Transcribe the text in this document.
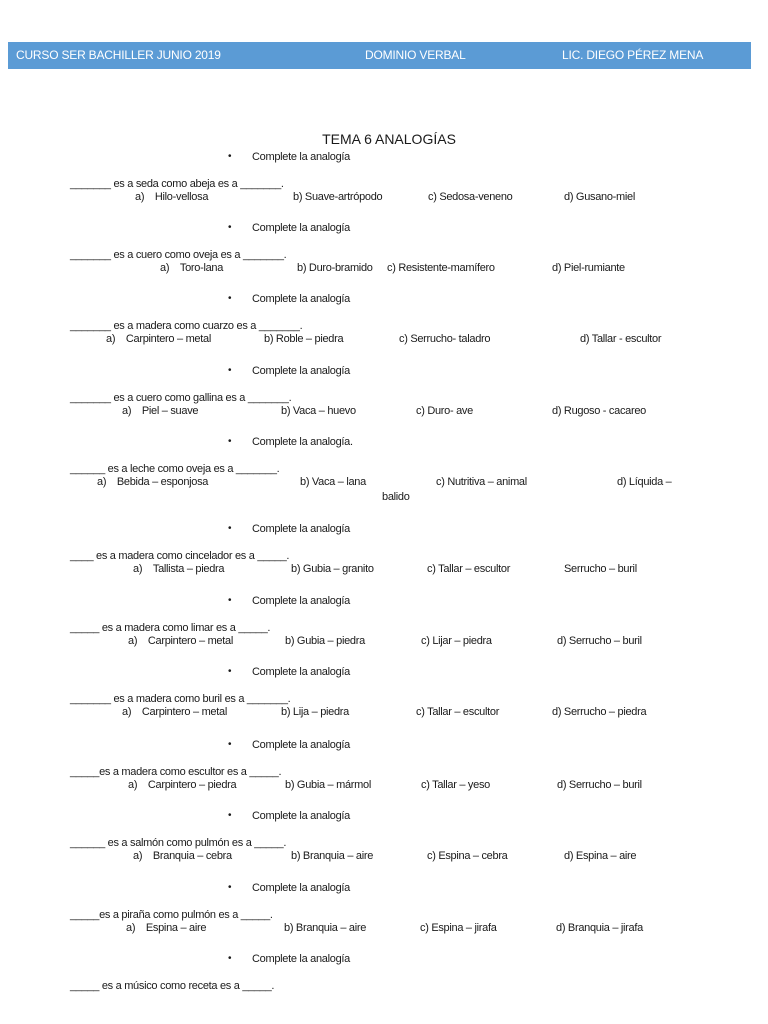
CURSO SER BACHILLER JUNIO 2019	DOMINIO VERBAL	LIC. DIEGO PÉREZ MENA
TEMA 6 ANALOGÍAS
• Complete la analogía
_______ es a seda como abeja es a _______.
a) Hilo-vellosa	b) Suave-artrópodo	c) Sedosa-veneno	d) Gusano-miel
• Complete la analogía
_______ es a cuero como oveja es a _______.
a) Toro-lana	b) Duro-bramido c) Resistente-mamífero	d) Piel-rumiante
• Complete la analogía
_______ es a madera como cuarzo es a _______.
a) Carpintero – metal	b) Roble – piedra	c) Serrucho- taladro	d) Tallar - escultor
• Complete la analogía
_______ es a cuero como gallina es a _______.
a) Piel – suave	b) Vaca – huevo	c) Duro- ave	d) Rugoso - cacareo
• Complete la analogía.
______ es a leche como oveja es a _______.
a) Bebida – esponjosa	b) Vaca – lana	c) Nutritiva – animal	d) Líquida –
balido
• Complete la analogía
____ es a madera como cincelador es a _____.
a) Tallista – piedra	b) Gubia – granito	c) Tallar – escultor	Serrucho – buril
• Complete la analogía
_____ es a madera como limar es a _____.
a) Carpintero – metal	b) Gubia – piedra	c) Lijar – piedra	d) Serrucho – buril
• Complete la analogía
_______ es a madera como buril es a _______.
a) Carpintero – metal	b) Lija – piedra	c) Tallar – escultor	d) Serrucho – piedra
• Complete la analogía
_____es a madera como escultor es a _____.
a) Carpintero – piedra	b) Gubia – mármol	c) Tallar – yeso	d) Serrucho – buril
• Complete la analogía
______ es a salmón como pulmón es a _____.
a) Branquia – cebra	b) Branquia – aire	c) Espina – cebra	d) Espina – aire
• Complete la analogía
_____es a piraña como pulmón es a _____.
a) Espina – aire	b) Branquia – aire	c) Espina – jirafa	d) Branquia – jirafa
• Complete la analogía
_____ es a músico como receta es a _____.
